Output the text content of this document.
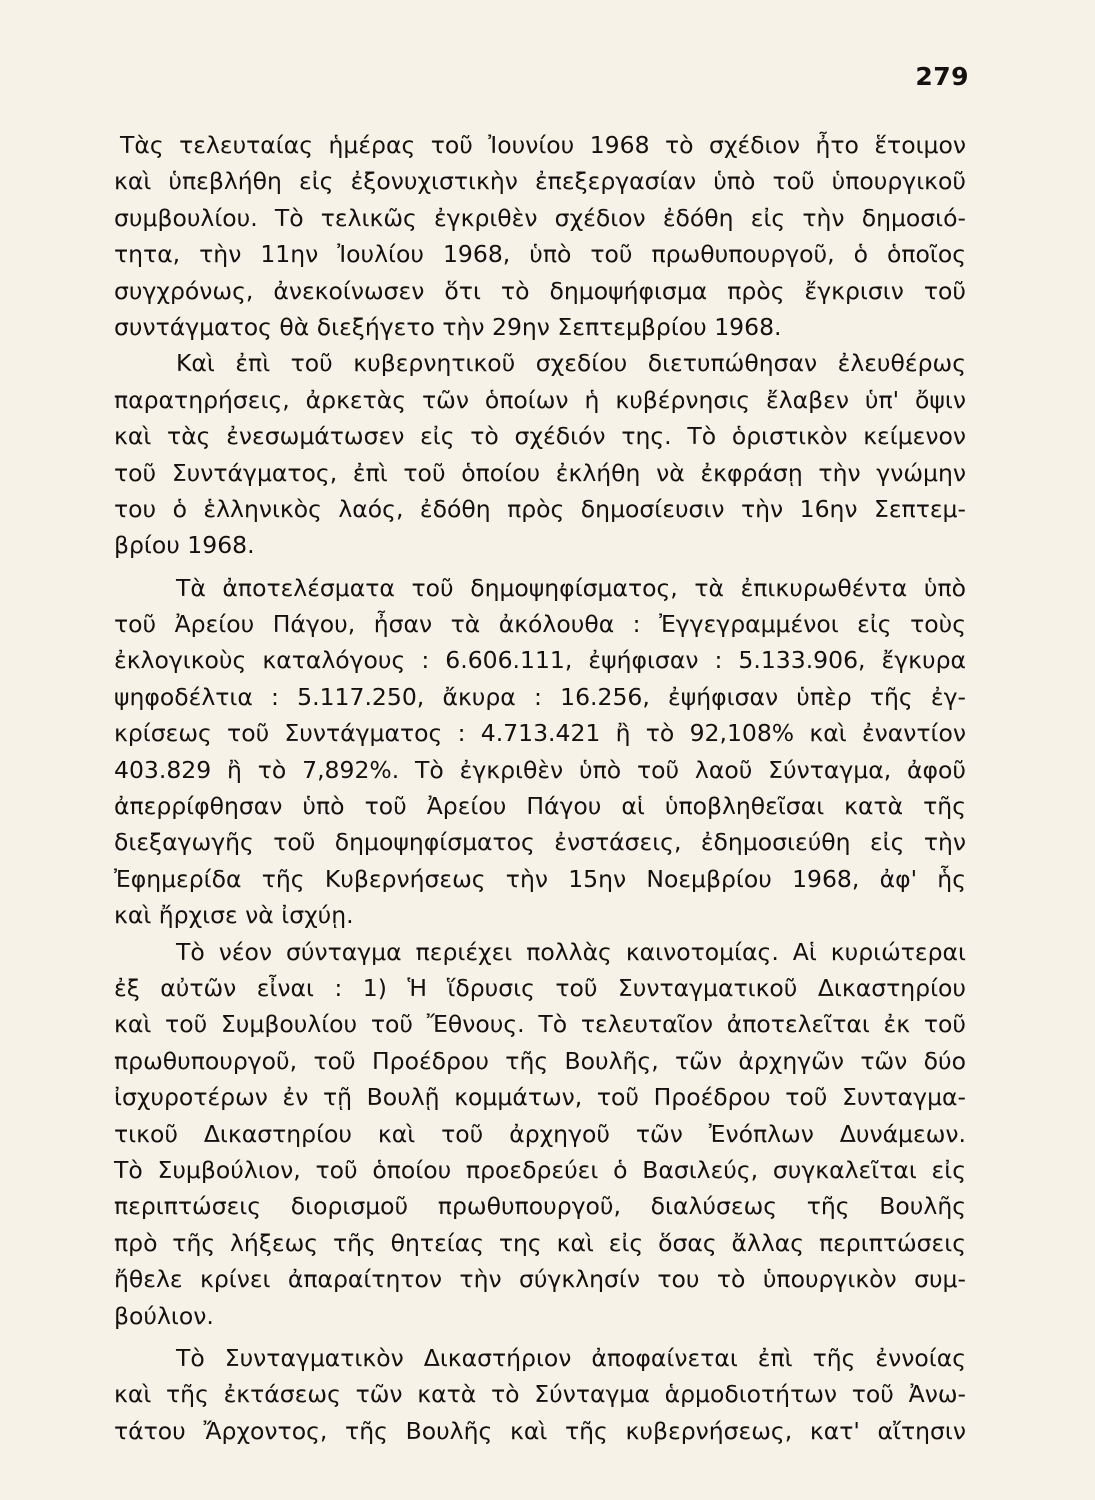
279
Τὰς τελευταίας ἡμέρας τοῦ Ἰουνίου 1968 τὸ σχέδιον ἦτο ἕτοιμον
καὶ ὑπεβλήθη εἰς ἐξονυχιστικὴν ἐπεξεργασίαν ὑπὸ τοῦ ὑπουργικοῦ
συμβουλίου. Τὸ τελικῶς ἐγκριθὲν σχέδιον ἐδόθη εἰς τὴν δημοσιό-
τητα, τὴν 11ην Ἰουλίου 1968, ὑπὸ τοῦ πρωθυπουργοῦ, ὁ ὁποῖος
συγχρόνως, ἀνεκοίνωσεν ὅτι τὸ δημοψήφισμα πρὸς ἔγκρισιν τοῦ
συντάγματος θὰ διεξήγετο τὴν 29ην Σεπτεμβρίου 1968.
Καὶ ἐπὶ τοῦ κυβερνητικοῦ σχεδίου διετυπώθησαν ἐλευθέρως
παρατηρήσεις, ἀρκετὰς τῶν ὁποίων ἡ κυβέρνησις ἔλαβεν ὑπ' ὄψιν
καὶ τὰς ἐνεσωμάτωσεν εἰς τὸ σχέδιόν της. Τὸ ὁριστικὸν κείμενον
τοῦ Συντάγματος, ἐπὶ τοῦ ὁποίου ἐκλήθη νὰ ἐκφράσῃ τὴν γνώμην
του ὁ ἑλληνικὸς λαός, ἐδόθη πρὸς δημοσίευσιν τὴν 16ην Σεπτεμ-
βρίου 1968.
Τὰ ἀποτελέσματα τοῦ δημοψηφίσματος, τὰ ἐπικυρωθέντα ὑπὸ
τοῦ Ἀρείου Πάγου, ἦσαν τὰ ἀκόλουθα : Ἐγγεγραμμένοι εἰς τοὺς
ἐκλογικοὺς καταλόγους : 6.606.111, ἐψήφισαν : 5.133.906, ἔγκυρα
ψηφοδέλτια : 5.117.250, ἄκυρα : 16.256, ἐψήφισαν ὑπὲρ τῆς ἐγ-
κρίσεως τοῦ Συντάγματος : 4.713.421 ἢ τὸ 92,108% καὶ ἐναντίον
403.829 ἢ τὸ 7,892%. Τὸ ἐγκριθὲν ὑπὸ τοῦ λαοῦ Σύνταγμα, ἀφοῦ
ἀπερρίφθησαν ὑπὸ τοῦ Ἀρείου Πάγου αἱ ὑποβληθεῖσαι κατὰ τῆς
διεξαγωγῆς τοῦ δημοψηφίσματος ἐνστάσεις, ἐδημοσιεύθη εἰς τὴν
Ἐφημερίδα τῆς Κυβερνήσεως τὴν 15ην Νοεμβρίου 1968, ἀφ' ἧς
καὶ ἤρχισε νὰ ἰσχύῃ.
Τὸ νέον σύνταγμα περιέχει πολλὰς καινοτομίας. Αἱ κυριώτεραι
ἐξ αὐτῶν εἶναι : 1) Ἡ ἵδρυσις τοῦ Συνταγματικοῦ Δικαστηρίου
καὶ τοῦ Συμβουλίου τοῦ Ἔθνους. Τὸ τελευταῖον ἀποτελεῖται ἐκ τοῦ
πρωθυπουργοῦ, τοῦ Προέδρου τῆς Βουλῆς, τῶν ἀρχηγῶν τῶν δύο
ἰσχυροτέρων ἐν τῇ Βουλῇ κομμάτων, τοῦ Προέδρου τοῦ Συνταγμα-
τικοῦ Δικαστηρίου καὶ τοῦ ἀρχηγοῦ τῶν Ἐνόπλων Δυνάμεων.
Τὸ Συμβούλιον, τοῦ ὁποίου προεδρεύει ὁ Βασιλεύς, συγκαλεῖται εἰς
περιπτώσεις διορισμοῦ πρωθυπουργοῦ, διαλύσεως τῆς Βουλῆς
πρὸ τῆς λήξεως τῆς θητείας της καὶ εἰς ὅσας ἄλλας περιπτώσεις
ἤθελε κρίνει ἀπαραίτητον τὴν σύγκλησίν του τὸ ὑπουργικὸν συμ-
βούλιον.
Τὸ Συνταγματικὸν Δικαστήριον ἀποφαίνεται ἐπὶ τῆς ἐννοίας
καὶ τῆς ἐκτάσεως τῶν κατὰ τὸ Σύνταγμα ἁρμοδιοτήτων τοῦ Ἀνω-
τάτου Ἄρχοντος, τῆς Βουλῆς καὶ τῆς κυβερνήσεως, κατ' αἴτησιν
